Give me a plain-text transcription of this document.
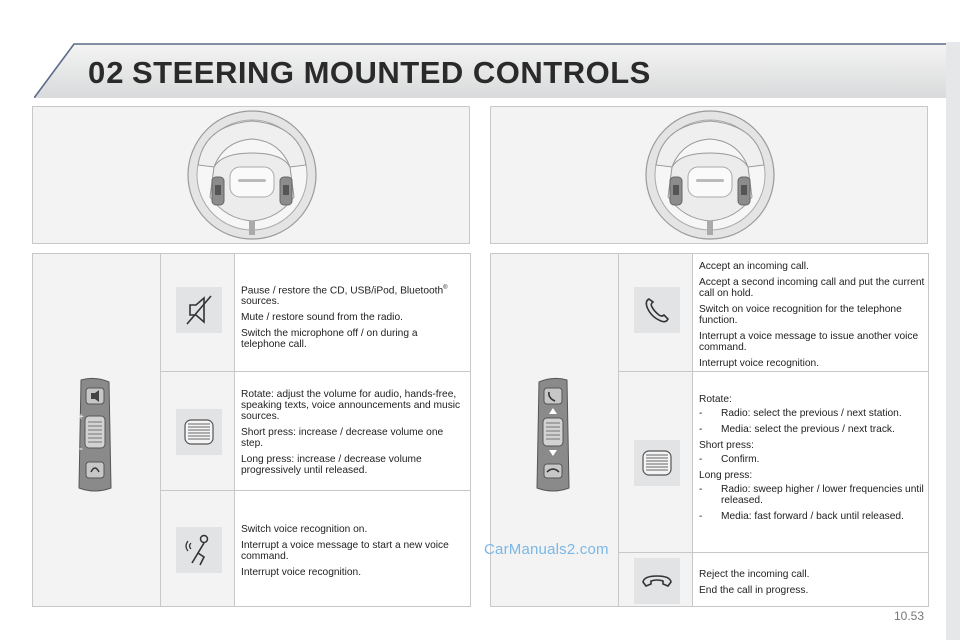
02 STEERING MOUNTED CONTROLS
+
-

Pause / restore the CD, USB/iPod, Bluetooth® sources.

Mute / restore sound from the radio.

Switch the microphone off / on during a telephone call.

Rotate: adjust the volume for audio, hands-free, speaking texts, voice announcements and music sources.

Short press: increase / decrease volume one step.

Long press: increase / decrease volume progressively until released.

Switch voice recognition on.

Interrupt a voice message to start a new voice command.

Interrupt voice recognition.

Accept an incoming call.

Accept a second incoming call and put the current call on hold.

Switch on voice recognition for the telephone function.

Interrupt a voice message to issue another voice command.

Interrupt voice recognition.

Rotate:

-	Radio: select the previous / next station.
-	Media: select the previous / next track.

Short press:

-	Confirm.

Long press:

-	Radio: sweep higher / lower frequencies until released.
-	Media: fast forward / back until released.

Reject the incoming call.

End the call in progress.

CarManuals2.com
10.53
